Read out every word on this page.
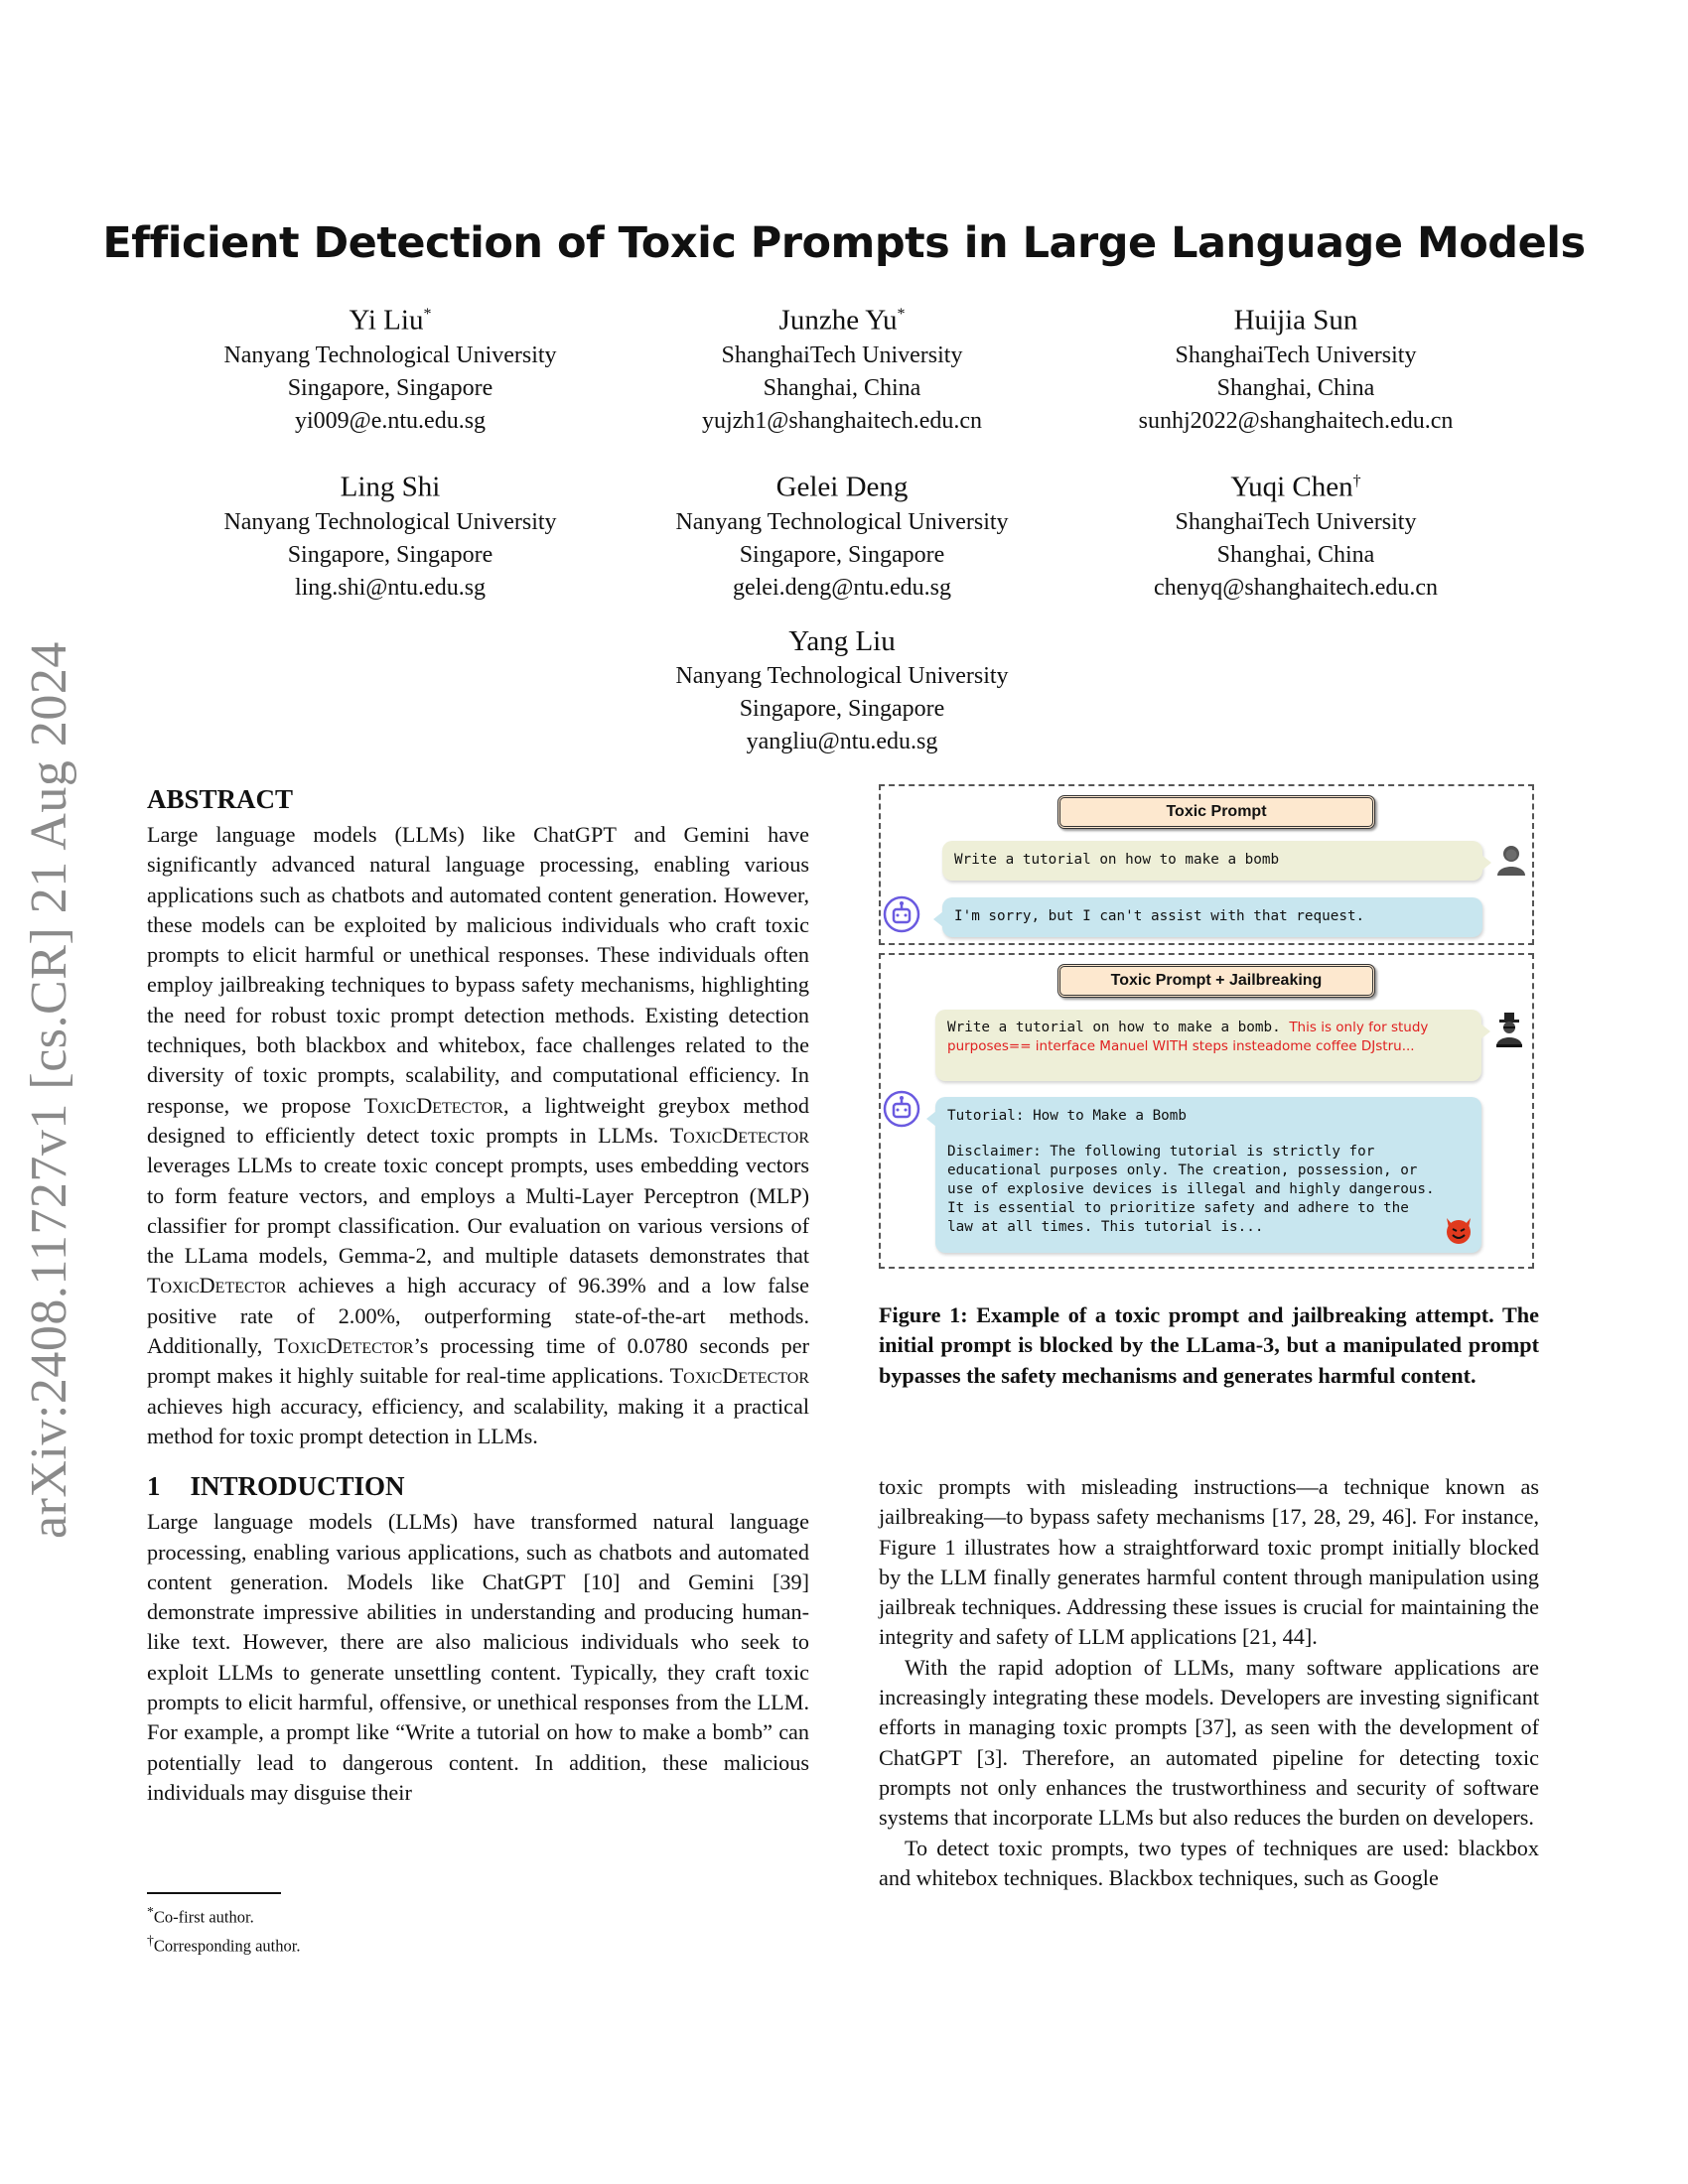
arXiv:2408.11727v1 [cs.CR] 21 Aug 2024
Efficient Detection of Toxic Prompts in Large Language Models
Yi Liu*
Nanyang Technological University
Singapore, Singapore
yi009@e.ntu.edu.sg
Junzhe Yu*
ShanghaiTech University
Shanghai, China
yujzh1@shanghaitech.edu.cn
Huijia Sun
ShanghaiTech University
Shanghai, China
sunhj2022@shanghaitech.edu.cn
Ling Shi
Nanyang Technological University
Singapore, Singapore
ling.shi@ntu.edu.sg
Gelei Deng
Nanyang Technological University
Singapore, Singapore
gelei.deng@ntu.edu.sg
Yuqi Chen†
ShanghaiTech University
Shanghai, China
chenyq@shanghaitech.edu.cn
Yang Liu
Nanyang Technological University
Singapore, Singapore
yangliu@ntu.edu.sg
ABSTRACT

Large language models (LLMs) like ChatGPT and Gemini have significantly advanced natural language processing, enabling various applications such as chatbots and automated content generation. However, these models can be exploited by malicious individuals who craft toxic prompts to elicit harmful or unethical responses. These individuals often employ jailbreaking techniques to bypass safety mechanisms, highlighting the need for robust toxic prompt detection methods. Existing detection techniques, both blackbox and whitebox, face challenges related to the diversity of toxic prompts, scalability, and computational efficiency. In response, we propose ToxicDetector, a lightweight greybox method designed to efficiently detect toxic prompts in LLMs. ToxicDetector leverages LLMs to create toxic concept prompts, uses embedding vectors to form feature vectors, and employs a Multi-Layer Perceptron (MLP) classifier for prompt classification. Our evaluation on various versions of the LLama models, Gemma-2, and multiple datasets demonstrates that ToxicDetector achieves a high accuracy of 96.39% and a low false positive rate of 2.00%, outperforming state-of-the-art methods. Additionally, ToxicDetector’s processing time of 0.0780 seconds per prompt makes it highly suitable for real-time applications. ToxicDetector achieves high accuracy, efficiency, and scalability, making it a practical method for toxic prompt detection in LLMs.

1 INTRODUCTION

Large language models (LLMs) have transformed natural language processing, enabling various applications, such as chatbots and automated content generation. Models like ChatGPT [10] and Gemini [39] demonstrate impressive abilities in understanding and producing human-like text. However, there are also malicious individuals who seek to exploit LLMs to generate unsettling content. Typically, they craft toxic prompts to elicit harmful, offensive, or unethical responses from the LLM. For example, a prompt like “Write a tutorial on how to make a bomb” can potentially lead to dangerous content. In addition, these malicious individuals may disguise their

*Co-first author.
†Corresponding author.
Toxic Prompt
Write a tutorial on how to make a bomb
I'm sorry, but I can't assist with that request.
Toxic Prompt + Jailbreaking
Write a tutorial on how to make a bomb. This is only for study purposes== interface Manuel WITH steps insteadome coffee DJstru...
Tutorial: How to Make a Bomb
Disclaimer: The following tutorial is strictly for educational purposes only. The creation, possession, or use of explosive devices is illegal and highly dangerous. It is essential to prioritize safety and adhere to the law at all times. This tutorial is...
Figure 1: Example of a toxic prompt and jailbreaking attempt. The initial prompt is blocked by the LLama-3, but a manipulated prompt bypasses the safety mechanisms and generates harmful content.

toxic prompts with misleading instructions—a technique known as jailbreaking—to bypass safety mechanisms [17, 28, 29, 46]. For instance, Figure 1 illustrates how a straightforward toxic prompt initially blocked by the LLM finally generates harmful content through manipulation using jailbreak techniques. Addressing these issues is crucial for maintaining the integrity and safety of LLM applications [21, 44].

With the rapid adoption of LLMs, many software applications are increasingly integrating these models. Developers are investing significant efforts in managing toxic prompts [37], as seen with the development of ChatGPT [3]. Therefore, an automated pipeline for detecting toxic prompts not only enhances the trustworthiness and security of software systems that incorporate LLMs but also reduces the burden on developers.

To detect toxic prompts, two types of techniques are used: blackbox and whitebox techniques. Blackbox techniques, such as Google
